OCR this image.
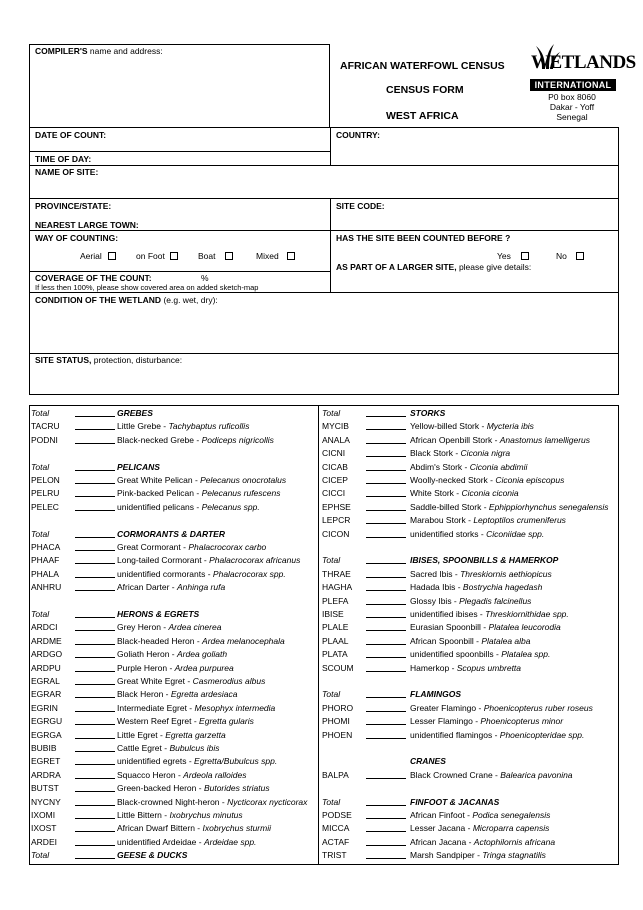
COMPILER'S name and address:
AFRICAN WATERFOWL CENSUS
CENSUS FORM
WEST AFRICA
WETLANDS
INTERNATIONAL
P0 box 8060
Dakar - Yoff
Senegal
DATE OF COUNT:	COUNTRY:
TIME OF DAY:
NAME OF SITE:
PROVINCE/STATE:	SITE CODE:
NEAREST LARGE TOWN:
WAY OF COUNTING:
Aerial	on Foot	Boat	Mixed
HAS THE SITE BEEN COUNTED BEFORE ?
Yes	No
AS PART OF A LARGER SITE, please give details:
COVERAGE OF THE COUNT:	%
If less then 100%, please show covered area on added sketch-map
CONDITION OF THE WETLAND (e.g. wet, dry):
SITE STATUS, protection, disturbance:
Total	GREBES
TACRU	Little Grebe - Tachybaptus ruficollis
PODNI	Black-necked Grebe - Podiceps nigricollis
Total	PELICANS
PELON	Great White Pelican - Pelecanus onocrotalus
PELRU	Pink-backed Pelican - Pelecanus rufescens
PELEC	unidentified pelicans - Pelecanus spp.
Total	CORMORANTS & DARTER
PHACA	Great Cormorant - Phalacrocorax carbo
PHAAF	Long-tailed Cormorant - Phalacrocorax africanus
PHALA	unidentified cormorants - Phalacrocorax spp.
ANHRU	African Darter - Anhinga rufa
Total	HERONS & EGRETS
ARDCI	Grey Heron - Ardea cinerea
ARDME	Black-headed Heron - Ardea melanocephala
ARDGO	Goliath Heron - Ardea goliath
ARDPU	Purple Heron - Ardea purpurea
EGRAL	Great White Egret - Casmerodius albus
EGRAR	Black Heron - Egretta ardesiaca
EGRIN	Intermediate Egret - Mesophyx intermedia
EGRGU	Western Reef Egret - Egretta gularis
EGRGA	Little Egret - Egretta garzetta
BUBIB	Cattle Egret - Bubulcus ibis
EGRET	unidentified egrets - Egretta/Bubulcus spp.
ARDRA	Squacco Heron - Ardeola ralloides
BUTST	Green-backed Heron - Butorides striatus
NYCNY	Black-crowned Night-heron - Nycticorax nycticorax
IXOMI	Little Bittern - Ixobrychus minutus
IXOST	African Dwarf Bittern - Ixobrychus sturmii
ARDEI	unidentified Ardeidae - Ardeidae spp.
Total	GEESE & DUCKS
Total	STORKS
MYCIB	Yellow-billed Stork - Mycteria ibis
ANALA	African Openbill Stork - Anastomus lamelligerus
CICNI	Black Stork - Ciconia nigra
CICAB	Abdim's Stork - Ciconia abdimii
CICEP	Woolly-necked Stork - Ciconia episcopus
CICCI	White Stork - Ciconia ciconia
EPHSE	Saddle-billed Stork - Ephippiorhynchus senegalensis
LEPCR	Marabou Stork - Leptoptilos crumeniferus
CICON	unidentified storks - Ciconiidae spp.
Total	IBISES, SPOONBILLS & HAMERKOP
THRAE	Sacred Ibis - Threskiornis aethiopicus
HAGHA	Hadada Ibis - Bostrychia hagedash
PLEFA	Glossy Ibis - Plegadis falcinellus
IBISE	unidentified ibises - Threskiornithidae spp.
PLALE	Eurasian Spoonbill - Platalea leucorodia
PLAAL	African Spoonbill - Platalea alba
PLATA	unidentified spoonbills - Platalea spp.
SCOUM	Hamerkop - Scopus umbretta
Total	FLAMINGOS
PHORO	Greater Flamingo - Phoenicopterus ruber roseus
PHOMI	Lesser Flamingo - Phoenicopterus minor
PHOEN	unidentified flamingos - Phoenicopteridae spp.
CRANES
BALPA	Black Crowned Crane - Balearica pavonina
Total	FINFOOT & JACANAS
PODSE	African Finfoot - Podica senegalensis
MICCA	Lesser Jacana - Microparra capensis
ACTAF	African Jacana - Actophilornis africana
TRIST	Marsh Sandpiper - Tringa stagnatilis
